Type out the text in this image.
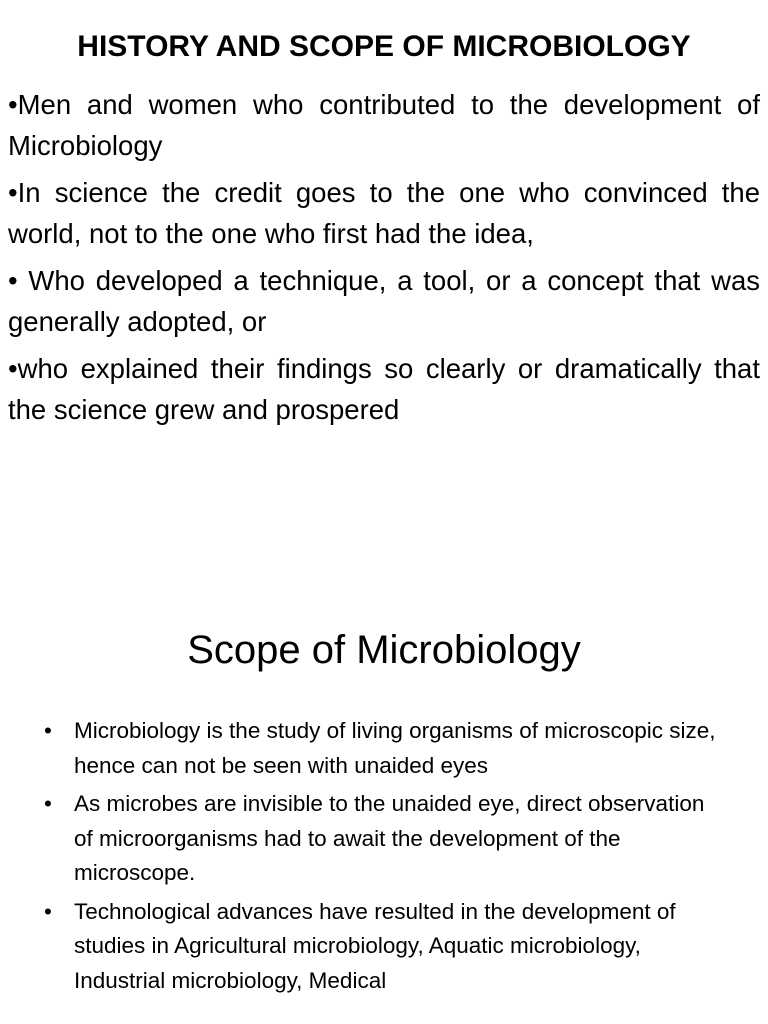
HISTORY AND SCOPE OF MICROBIOLOGY

•Men and women who contributed to the development of Microbiology

•In science the credit goes to the one who convinced the world, not to the one who first had the idea,

• Who developed a technique, a tool, or a concept that was generally adopted, or

•who explained their findings so clearly or dramatically that the science grew and prospered

Scope of Microbiology
• Microbiology is the study of living organisms of microscopic size, hence can not be seen with unaided eyes
• As microbes are invisible to the unaided eye, direct observation of microorganisms had to await the development of the microscope.
• Technological advances have resulted in the development of studies in Agricultural microbiology, Aquatic microbiology, Industrial microbiology, Medical
